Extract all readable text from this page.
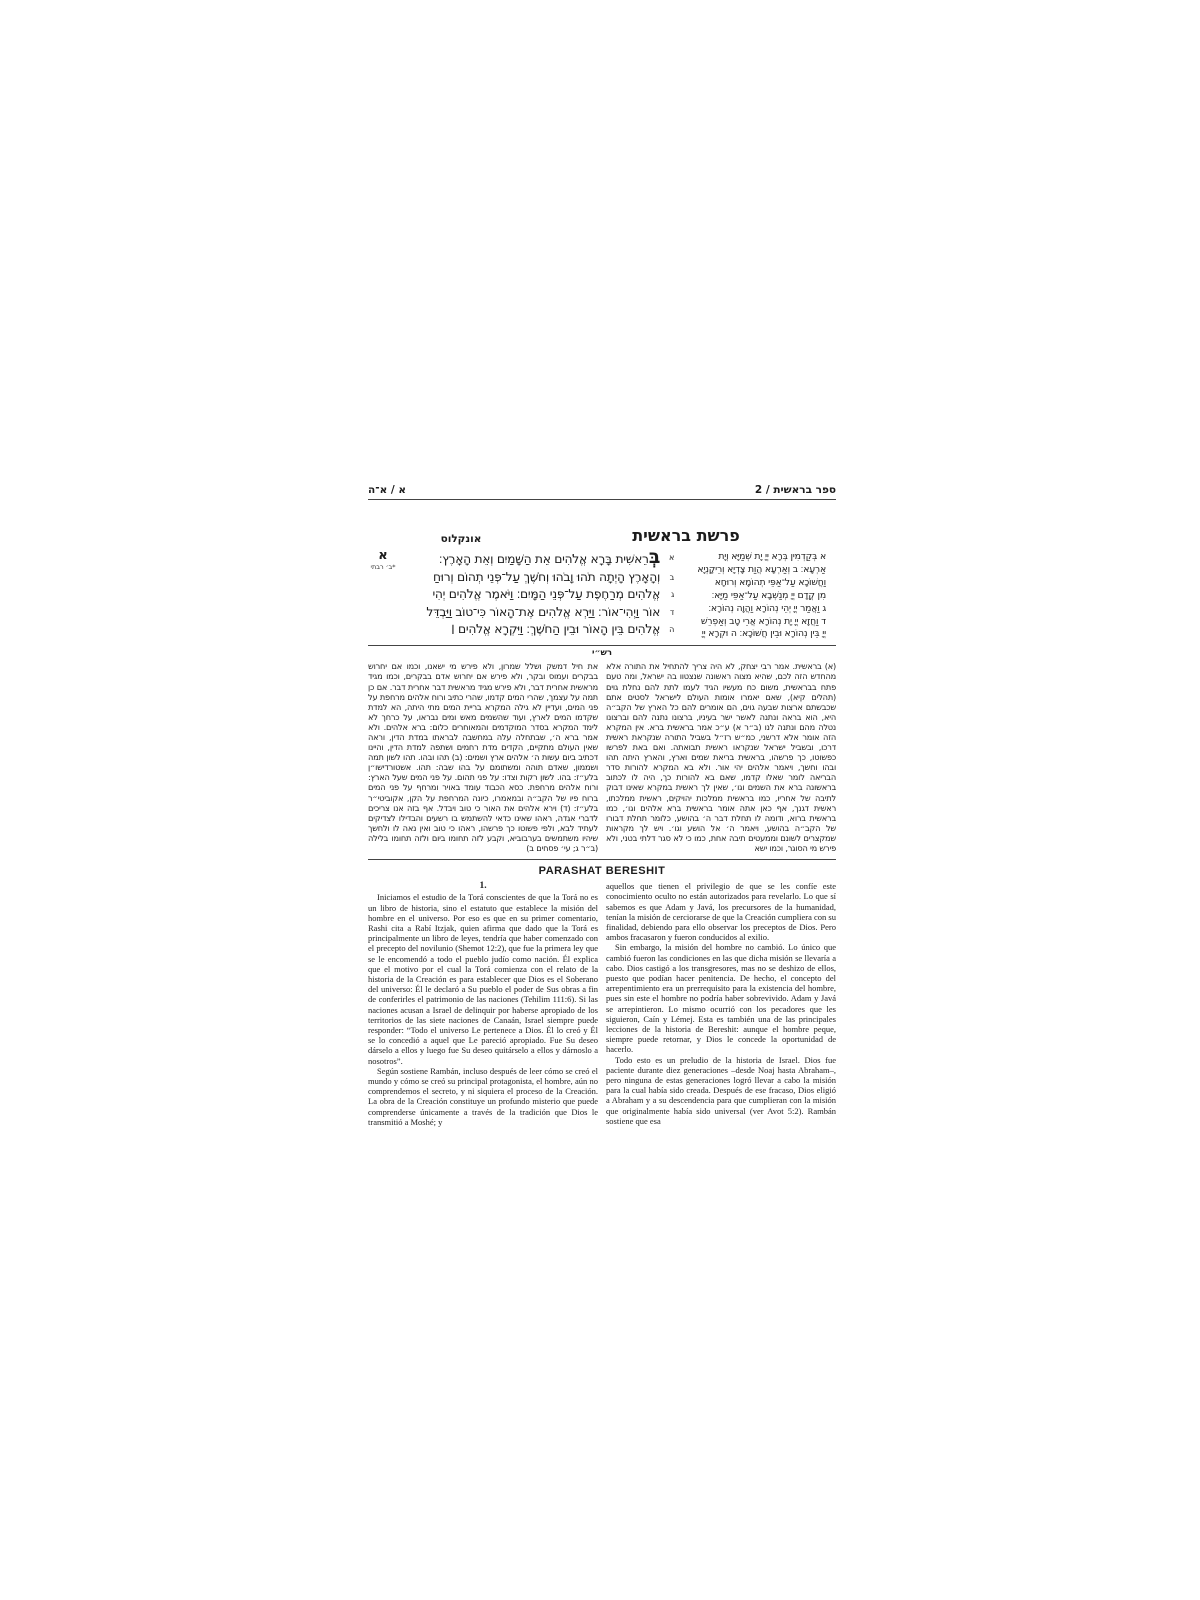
א / א־ה	2 / ספר בראשית
פרשת בראשית
אונקלוס
א
*ב׳ רבתי
א
בְּרֵאשִׁית בָּרָא אֱלֹהִים אֵת הַשָּׁמַיִם וְאֵת הָאָרֶץ׃
ב
וְהָאָרֶץ הָיְתָה תֹהוּ וָבֹהוּ וְחֹשֶׁךְ עַל־פְּנֵי תְהוֹם וְרוּחַ
ג
אֱלֹהִים מְרַחֶפֶת עַל־פְּנֵי הַמָּיִם׃ וַיֹּאמֶר אֱלֹהִים יְהִי
ד
אוֹר וַיְהִי־אוֹר׃ וַיַּרְא אֱלֹהִים אֶת־הָאוֹר כִּי־טוֹב וַיַּבְדֵּל
ה
אֱלֹהִים בֵּין הָאוֹר וּבֵין הַחֹשֶׁךְ׃ וַיִּקְרָא אֱלֹהִים ׀
א בְּקַדְמִין בְּרָא יְיָ יָת שְׁמַיָּא וְיָת
אַרְעָא׃ ב וְאַרְעָא הֲוַת צָדְיָא וְרֵיקָנְיָא
וַחֲשׁוֹכָא עַל־אַפֵּי תְהוֹמָא וְרוּחָא
מִן קֳדָם יְיָ מְנַשְּׁבָא עַל־אַפֵּי מַיָּא׃
ג וַאֲמַר יְיָ יְהֵי נְהוֹרָא וַהֲוָה נְהוֹרָא׃
ד וַחֲזָא יְיָ יָת נְהוֹרָא אֲרֵי טָב וְאַפְרֵשׁ
יְיָ בֵּין נְהוֹרָא וּבֵין חֲשׁוֹכָא׃ ה וּקְרָא יְיָ
רש״י
(א) בראשית. אמר רבי יצחק, לא היה צריך להתחיל את התורה אלא מהחדש הזה לכם, שהיא מצוה ראשונה שנצטוו בה ישראל, ומה טעם פתח בבראשית, משום כח מעשיו הגיד לעמו לתת להם נחלת גוים (תהלים קיא), שאם יאמרו אומות העולם לישראל לסטים אתם שכבשתם ארצות שבעה גוים, הם אומרים להם כל הארץ של הקב״ה היא, הוא בראה ונתנה לאשר ישר בעיניו, ברצונו נתנה להם וברצונו נטלה מהם ונתנה לנו (ב״ר א) ע״כ אמר בראשית ברא. אין המקרא הזה אומר אלא דרשני, כמ״ש רז״ל בשביל התורה שנקראת ראשית דרכו, ובשביל ישראל שנקראו ראשית תבואתה. ואם באת לפרשו כפשוטו, כך פרשהו, בראשית בריאת שמים וארץ, והארץ היתה תהו ובהו וחשך, ויאמר אלהים יהי אור. ולא בא המקרא להורות סדר הבריאה לומר שאלו קדמו, שאם בא להורות כך, היה לו לכתוב בראשונה ברא את השמים וגו׳, שאין לך ראשית במקרא שאינו דבוק לתיבה של אחריו, כמו בראשית ממלכות יהויקים, ראשית ממלכתו, ראשית דגנך, אף כאן אתה אומר בראשית ברא אלהים וגו׳, כמו בראשית ברוא, ודומה לו תחלת דבר ה׳ בהושע, כלומר תחלת דבורו של הקב״ה בהושע, ויאמר ה׳ אל הושע וגו׳. ויש לך מקראות שמקצרים לשונם וממעטים תיבה אחת, כמו כי לא סגר דלתי בטני, ולא פירש מי הסוגר, וכמו ישא
את חיל דמשק ושלל שמרון, ולא פירש מי ישאנו, וכמו אם יחרוש בבקרים ועמוס ובקר, ולא פירש אם יחרוש אדם בבקרים, וכמו מגיד מראשית אחרית דבר, ולא פירש מגיד מראשית דבר אחרית דבר. אם כן תמה על עצמך, שהרי המים קדמו, שהרי כתיב ורוח אלהים מרחפת על פני המים, ועדיין לא גילה המקרא בריית המים מתי היתה, הא למדת שקדמו המים לארץ, ועוד שהשמים מאש ומים נבראו, על כרחך לא לימד המקרא בסדר המוקדמים והמאוחרים כלום: ברא אלהים. ולא אמר ברא ה׳, שבתחלה עלה במחשבה לבראתו במדת הדין, וראה שאין העולם מתקיים, הקדים מדת רחמים ושתפה למדת הדין, והיינו דכתיב ביום עשות ה׳ אלהים ארץ ושמים: (ב) תהו ובהו. תהו לשון תמה ושממון, שאדם תוהה ומשתומם על בהו שבה: תהו. אשטורדישו״ן בלע״ז: בהו. לשון רקות וצדו: על פני תהום. על פני המים שעל הארץ: ורוח אלהים מרחפת. כסא הכבוד עומד באויר ומרחף על פני המים ברוח פיו של הקב״ה ובמאמרו, כיונה המרחפת על הקן, אקוביטי״ר בלע״ז: (ד) וירא אלהים את האור כי טוב ויבדל. אף בזה אנו צריכים לדברי אגדה, ראהו שאינו כדאי להשתמש בו רשעים והבדילו לצדיקים לעתיד לבא, ולפי פשוטו כך פרשהו, ראהו כי טוב ואין נאה לו ולחשך שיהיו משתמשים בערבוביא, וקבע לזה תחומו ביום ולזה תחומו בלילה (ב״ר ג; עי׳ פסחים ב)
PARASHAT BERESHIT
1.

Iniciamos el estudio de la Torá conscientes de que la Torá no es un libro de historia, sino el estatuto que establece la misión del hombre en el universo. Por eso es que en su primer comentario, Rashi cita a Rabí Itzjak, quien afirma que dado que la Torá es principalmente un libro de leyes, tendría que haber comenzado con el precepto del novilunio (Shemot 12:2), que fue la primera ley que se le encomendó a todo el pueblo judío como nación. Él explica que el motivo por el cual la Torá comienza con el relato de la historia de la Creación es para establecer que Dios es el Soberano del universo: Él le declaró a Su pueblo el poder de Sus obras a fin de conferirles el patrimonio de las naciones (Tehilim 111:6). Si las naciones acusan a Israel de delinquir por haberse apropiado de los territorios de las siete naciones de Canaán, Israel siempre puede responder: “Todo el universo Le pertenece a Dios. Él lo creó y Él se lo concedió a aquel que Le pareció apropiado. Fue Su deseo dárselo a ellos y luego fue Su deseo quitárselo a ellos y dárnoslo a nosotros”.

Según sostiene Rambán, incluso después de leer cómo se creó el mundo y cómo se creó su principal protagonista, el hombre, aún no comprendemos el secreto, y ni siquiera el proceso de la Creación. La obra de la Creación constituye un profundo misterio que puede comprenderse únicamente a través de la tradición que Dios le transmitió a Moshé; y

aquellos que tienen el privilegio de que se les confíe este conocimiento oculto no están autorizados para revelarlo. Lo que sí sabemos es que Adam y Javá, los precursores de la humanidad, tenían la misión de cerciorarse de que la Creación cumpliera con su finalidad, debiendo para ello observar los preceptos de Dios. Pero ambos fracasaron y fueron conducidos al exilio.

Sin embargo, la misión del hombre no cambió. Lo único que cambió fueron las condiciones en las que dicha misión se llevaría a cabo. Dios castigó a los transgresores, mas no se deshizo de ellos, puesto que podían hacer penitencia. De hecho, el concepto del arrepentimiento era un prerrequisito para la existencia del hombre, pues sin este el hombre no podría haber sobrevivido. Adam y Javá se arrepintieron. Lo mismo ocurrió con los pecadores que les siguieron, Caín y Lémej. Esta es también una de las principales lecciones de la historia de Bereshit: aunque el hombre peque, siempre puede retornar, y Dios le concede la oportunidad de hacerlo.

Todo esto es un preludio de la historia de Israel. Dios fue paciente durante diez generaciones –desde Noaj hasta Abraham–, pero ninguna de estas generaciones logró llevar a cabo la misión para la cual había sido creada. Después de ese fracaso, Dios eligió a Abraham y a su descendencia para que cumplieran con la misión que originalmente había sido universal (ver Avot 5:2). Rambán sostiene que esa
